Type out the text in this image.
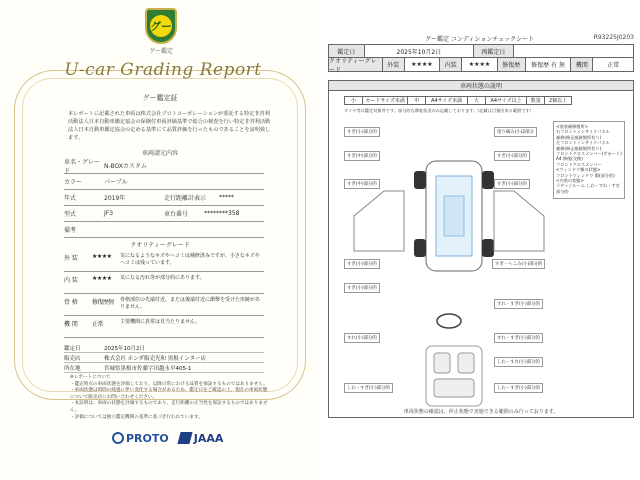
グー
グー鑑定
U-car Grading Report
グー鑑定証
本レポートに記載された車両は株式会社プロトコーポレーションが委託する特定非営利活動法人日本自動車鑑定協会の保険付車両評価基準で総合の検査を行い特定非営利活動法人日本自動車鑑定協会の定める基準にて品質評価を行ったものであることを証明致します。
車両請元内容
車名・グレード
N-BOXカスタム
カラー	パープル
年式	2019年	走行距離計表示	*****
型式	JF3	車台番号	********358
備考
クオリティーグレード
外 装	★★★★	気になるようなキズやヘコミは補修済みですが、小さなキズやヘコミは残っています。
内 装	★★★★	気になる汚れ等が部分的にあります。
骨 格	修復歴無	骨格部位の先端付近、または後端付近に衝撃を受けた形跡がありません。
機 関	正常	主要機関に異常は見当たりません。
鑑定日	2025年10月2日
販売店	株式会社 ホンダ販売光和 黒根インター店
所在地	宮城県黒根市佐藤字田越永早405-1
※レポートについて
・鑑定時点の車両状態を評価しており、以降日常における品質を保証するものではありません。
・車両状態は時間の経過に伴い変化する場合があるため、鑑定日をご確認の上、現在の車両状態について販売店にお問い合わせください。
・本証明は、車両の状態を評価するものであり、走行距離の正当性を保証するものではありません。
・評価については独立鑑定機関の基準に基づき行われています。
PROTO	JAAA
グー鑑定 コンディションチェックシート	R93225J0203
鑑定日	2025年10月2日	再鑑定日
クオリティーグレード
外装	★★★★	内装	★★★★	修復歴	修復歴 有 無	機関	正常
車両状態の説明
小	カードサイズ未満	中	A4サイズ未満	大	A4サイズ以上	数量	2個以上
タイヤ等は鑑定対象外です。部分的な摩耗状況のみ記載しております。（記載は目視出来る範囲です）
すぎ(小)部分的
すぎ(中)部分的
塗り痛み(小)2部分
すぎ(小)部分的
すぎ(中)部分的	すぎ(小)部分的
すぎ・へこみ(小)部分的
すぎ(小)部分的
すぎ(小)部分的
すれ・すぎ(小)部分的
すれ(小)部分的	すれ・すぎ(小)部分的
しわ・すれ(小)部分的
しわ・すぎ(小)部分的	しわ・すぎ(小)部分的
<塗装補修箇所>
右フロントインサイドパネル
補修(修正痕跡箇所有り)
左フロントインサイドパネル
補修(修正痕跡箇所有り)
フロントクロスメンバー(サポート)
A4 修復(交換)
フロントクロスメンバー
<ウィンドウ類の状態>
フロントウィンドウ 傷(部分的)
<内装の状態>
ラゲッジルーム しわ・すれ・すぎ 部分的
車両状態の確認は、停止状態で実施できる範囲のみ行っております。
